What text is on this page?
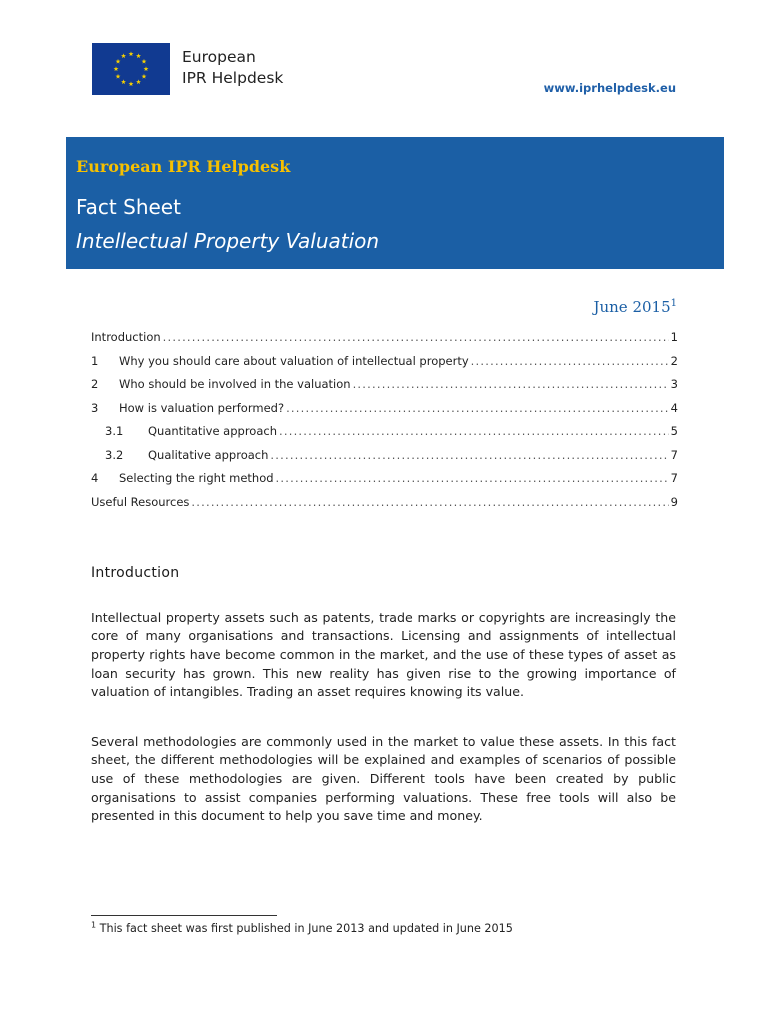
European
IPR Helpdesk
www.iprhelpdesk.eu
European IPR Helpdesk
Fact Sheet
Intellectual Property Valuation
June 2015$^1$
Introduction .....	1
1	Why you should care about valuation of intellectual property .....	2
2	Who should be involved in the valuation .....	3
3	How is valuation performed? .....	4
3.1	Quantitative approach .....	5
3.2	Qualitative approach .....	7
4	Selecting the right method .....	7
Useful Resources .....	9
Introduction

Intellectual property assets such as patents, trade marks or copyrights are increasingly the core of many organisations and transactions. Licensing and assignments of intellectual property rights have become common in the market, and the use of these types of asset as loan security has grown. This new reality has given rise to the growing importance of valuation of intangibles. Trading an asset requires knowing its value.

Several methodologies are commonly used in the market to value these assets. In this fact sheet, the different methodologies will be explained and examples of scenarios of possible use of these methodologies are given. Different tools have been created by public organisations to assist companies performing valuations. These free tools will also be presented in this document to help you save time and money.

$^1$ This fact sheet was first published in June 2013 and updated in June 2015
